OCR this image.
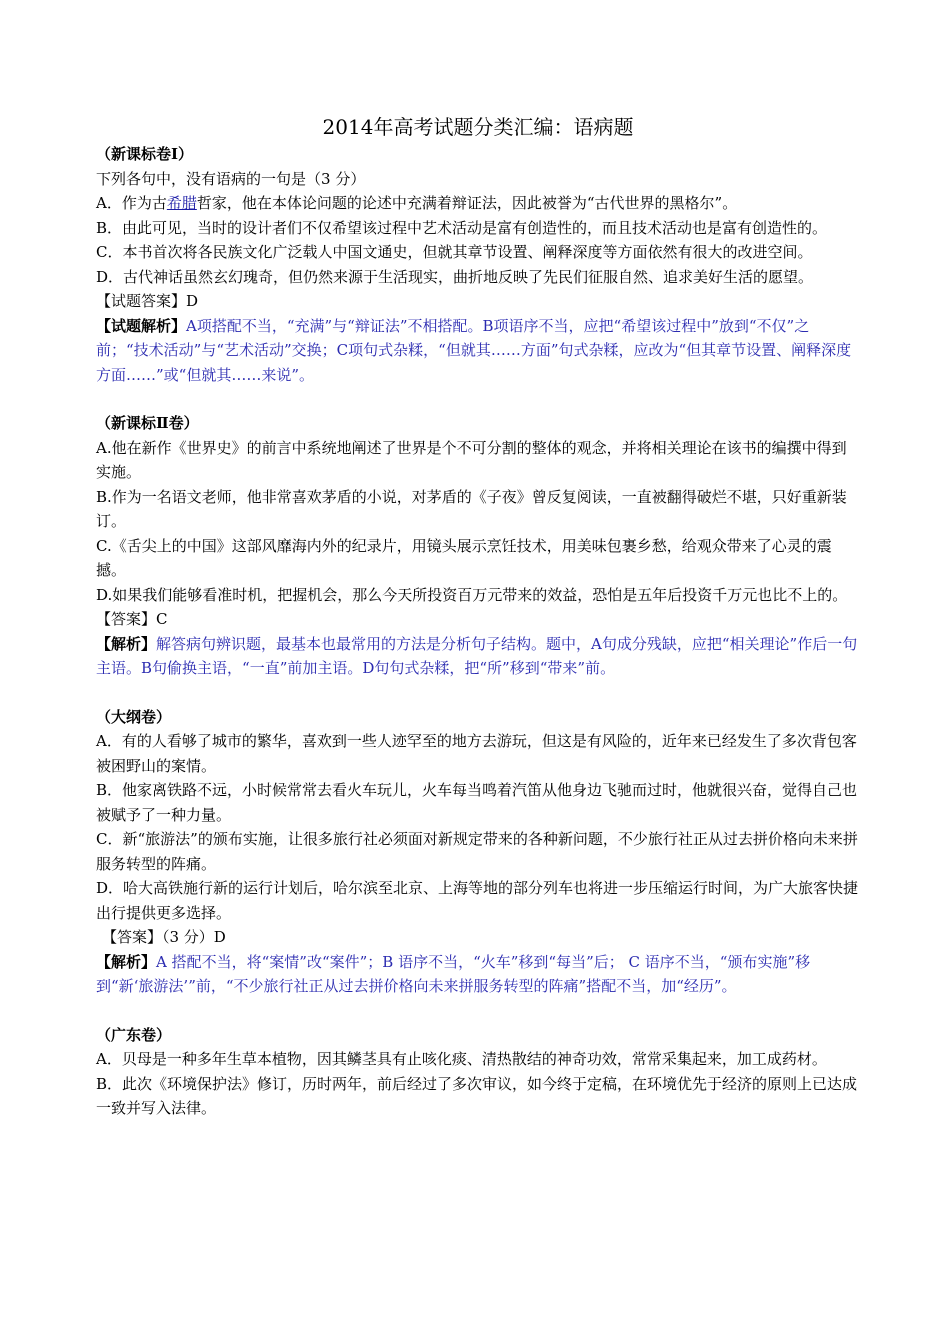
2014年高考试题分类汇编：语病题

（新课标卷Ⅰ）

下列各句中，没有语病的一句是（3 分）

A．作为古希腊哲家，他在本体论问题的论述中充满着辩证法，因此被誉为“古代世界的黑格尔”。

B．由此可见，当时的设计者们不仅希望该过程中艺术活动是富有创造性的，而且技术活动也是富有创造性的。

C．本书首次将各民族文化广泛载人中国文通史，但就其章节设置、阐释深度等方面依然有很大的改进空间。

D．古代神话虽然玄幻瑰奇，但仍然来源于生活现实，曲折地反映了先民们征服自然、追求美好生活的愿望。

【试题答案】D

【试题解析】A项搭配不当，“充满”与“辩证法”不相搭配。B项语序不当，应把“希望该过程中”放到“不仅”之前；“技术活动”与“艺术活动”交换；C项句式杂糅，“但就其……方面”句式杂糅，应改为“但其章节设置、阐释深度方面……”或“但就其……来说”。

（新课标Ⅱ卷）

A.他在新作《世界史》的前言中系统地阐述了世界是个不可分割的整体的观念，并将相关理论在该书的编撰中得到实施。

B.作为一名语文老师，他非常喜欢茅盾的小说，对茅盾的《子夜》曾反复阅读，一直被翻得破烂不堪，只好重新装订。

C.《舌尖上的中国》这部风靡海内外的纪录片，用镜头展示烹饪技术，用美味包裹乡愁，给观众带来了心灵的震撼。

D.如果我们能够看准时机，把握机会，那么今天所投资百万元带来的效益，恐怕是五年后投资千万元也比不上的。

【答案】C

【解析】解答病句辨识题，最基本也最常用的方法是分析句子结构。题中，A句成分残缺，应把“相关理论”作后一句主语。B句偷换主语，“一直”前加主语。D句句式杂糅，把“所”移到“带来”前。

（大纲卷）

A．有的人看够了城市的繁华，喜欢到一些人迹罕至的地方去游玩，但这是有风险的，近年来已经发生了多次背包客被困野山的案情。

B．他家离铁路不远，小时候常常去看火车玩儿，火车每当鸣着汽笛从他身边飞驰而过时，他就很兴奋，觉得自己也被赋予了一种力量。

C．新“旅游法”的颁布实施，让很多旅行社必须面对新规定带来的各种新问题，不少旅行社正从过去拼价格向未来拼服务转型的阵痛。

D．哈大高铁施行新的运行计划后，哈尔滨至北京、上海等地的部分列车也将进一步压缩运行时间，为广大旅客快捷出行提供更多选择。

【答案】（3 分）D

【解析】A 搭配不当，将“案情”改“案件”；B 语序不当，“火车”移到“每当”后； C 语序不当，“颁布实施”移到“新‘旅游法’”前，“不少旅行社正从过去拼价格向未来拼服务转型的阵痛”搭配不当，加“经历”。

（广东卷）

A．贝母是一种多年生草本植物，因其鳞茎具有止咳化痰、清热散结的神奇功效，常常采集起来，加工成药材。

B．此次《环境保护法》修订，历时两年，前后经过了多次审议，如今终于定稿，在环境优先于经济的原则上已达成一致并写入法律。
